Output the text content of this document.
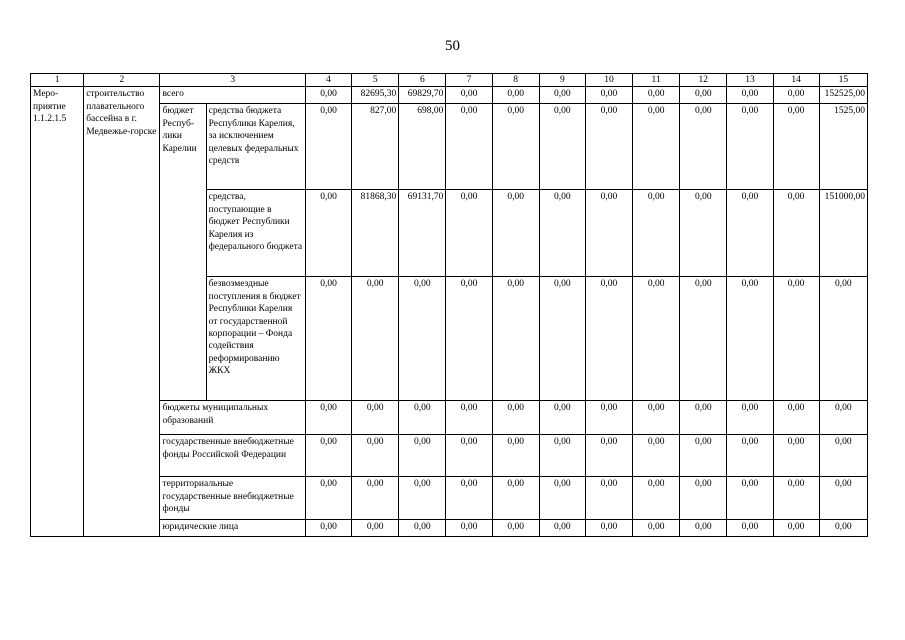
50
1	2	3		4	5	6	7	8	9	10	11	12	13	14	15

Меро-
приятие
1.1.2.1.5	строительство плавательного бассейна в г. Медвежье-горске	всего		0,00	82695,30	69829,70	0,00	0,00	0,00	0,00	0,00	0,00	0,00	0,00	152525,00
		бюджет Респуб-лики Карелии	средства бюджета Республики Карелия, за исключением целевых федеральных средств	0,00	827,00	698,00	0,00	0,00	0,00	0,00	0,00	0,00	0,00	0,00	1525,00
			средства, поступающие в бюджет Республики Карелия из федерального бюджета	0,00	81868,30	69131,70	0,00	0,00	0,00	0,00	0,00	0,00	0,00	0,00	151000,00
			безвозмездные поступления в бюджет Республики Карелия от государственной корпорации – Фонда содействия реформированию ЖКХ	0,00	0,00	0,00	0,00	0,00	0,00	0,00	0,00	0,00	0,00	0,00	0,00
		бюджеты муниципальных образований		0,00	0,00	0,00	0,00	0,00	0,00	0,00	0,00	0,00	0,00	0,00	0,00
		государственные внебюджетные фонды Российской Федерации		0,00	0,00	0,00	0,00	0,00	0,00	0,00	0,00	0,00	0,00	0,00	0,00
		территориальные государственные внебюджетные фонды		0,00	0,00	0,00	0,00	0,00	0,00	0,00	0,00	0,00	0,00	0,00	0,00
		юридические лица		0,00	0,00	0,00	0,00	0,00	0,00	0,00	0,00	0,00	0,00	0,00	0,00
